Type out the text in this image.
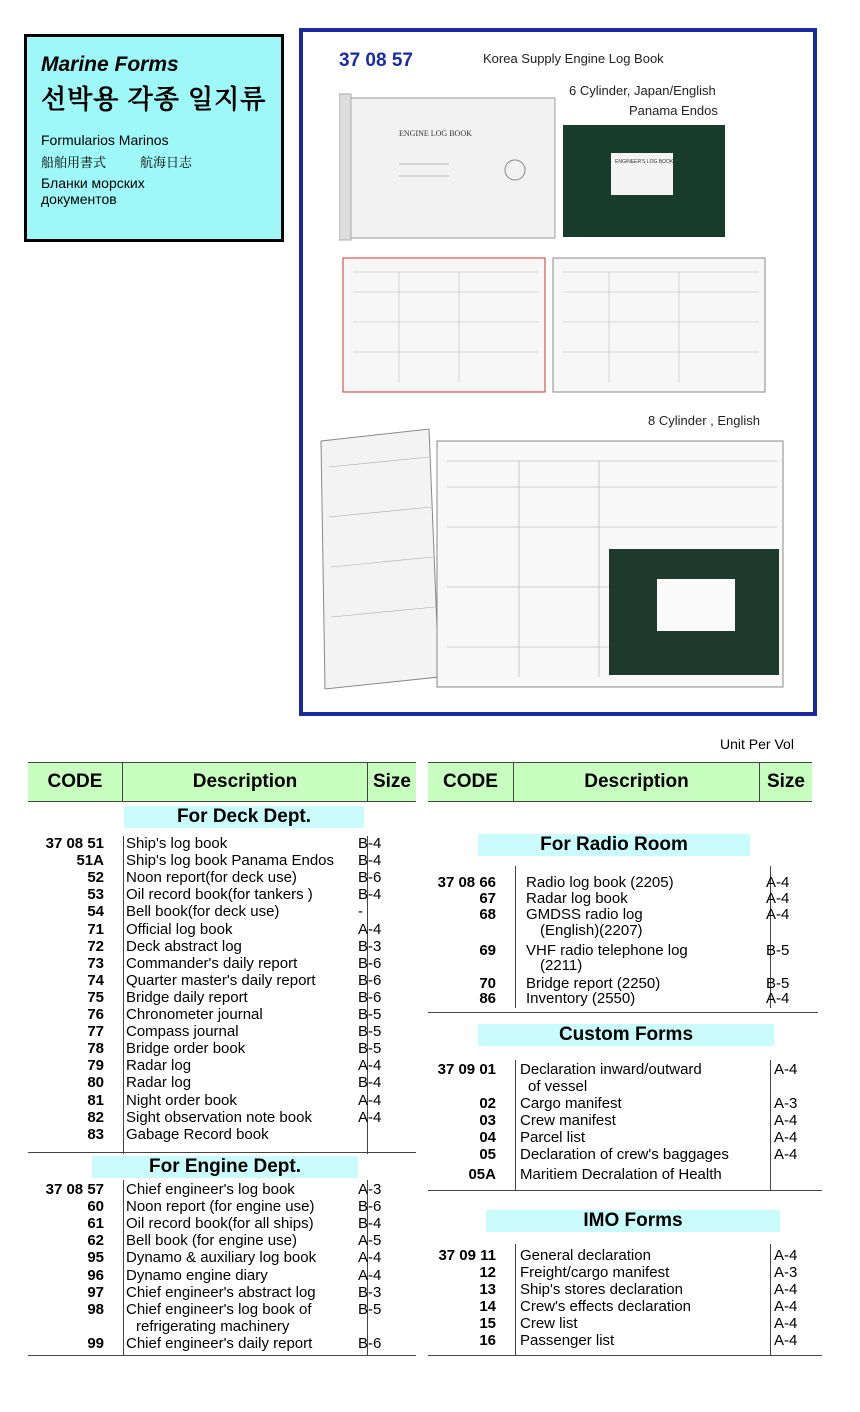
Marine Forms
선박용 각종 일지류
Formularios Marinos
船舶用書式	航海日志
Бланки морских документов
37 08 57	Korea Supply Engine Log Book
6 Cylinder, Japan/English
Panama Endos
ENGINE LOG BOOK
ENGINEER'S LOG BOOK
8 Cylinder , English
Unit Per Vol
CODE	Description	Size	CODE	Description	Size
For Deck Dept.
For Engine Dept.
For Radio Room
Custom Forms
IMO Forms
37 08 51	Ship's log book	B-4
51A	Ship's log book Panama Endos	B-4
52	Noon report(for deck use)	B-6
53	Oil record book(for tankers )	B-4
54	Bell book(for deck use)	-
71	Official log book	A-4
72	Deck abstract log	B-3
73	Commander's daily report	B-6
74	Quarter master's daily report	B-6
75	Bridge daily report	B-6
76	Chronometer journal	B-5
77	Compass journal	B-5
78	Bridge order book	B-5
79	Radar log	A-4
80	Radar log	B-4
81	Night order book	A-4
82	Sight observation note book	A-4
83	Gabage Record book
37 08 57	Chief engineer's log book	A-3
60	Noon report (for engine use)	B-6
61	Oil record book(for all ships)	B-4
62	Bell book (for engine use)	A-5
95	Dynamo & auxiliary log book	A-4
96	Dynamo engine diary	A-4
97	Chief engineer's abstract log	B-3
98	Chief engineer's log book of	B-5
refrigerating machinery
99	Chief engineer's daily report	B-6
37 08 66	Radio log book (2205)	A-4
67	Radar log book	A-4
68	GMDSS radio log	A-4
(English)(2207)
69	VHF radio telephone log	B-5
(2211)
70	Bridge report (2250)	B-5
86	Inventory (2550)	A-4
37 09 01	Declaration inward/outward	A-4
of vessel
02	Cargo manifest	A-3
03	Crew manifest	A-4
04	Parcel list	A-4
05	Declaration of crew's baggages	A-4
05A	Maritiem Decralation of Health
37 09 11	General declaration	A-4
12	Freight/cargo manifest	A-3
13	Ship's stores declaration	A-4
14	Crew's effects declaration	A-4
15	Crew list	A-4
16	Passenger list	A-4
